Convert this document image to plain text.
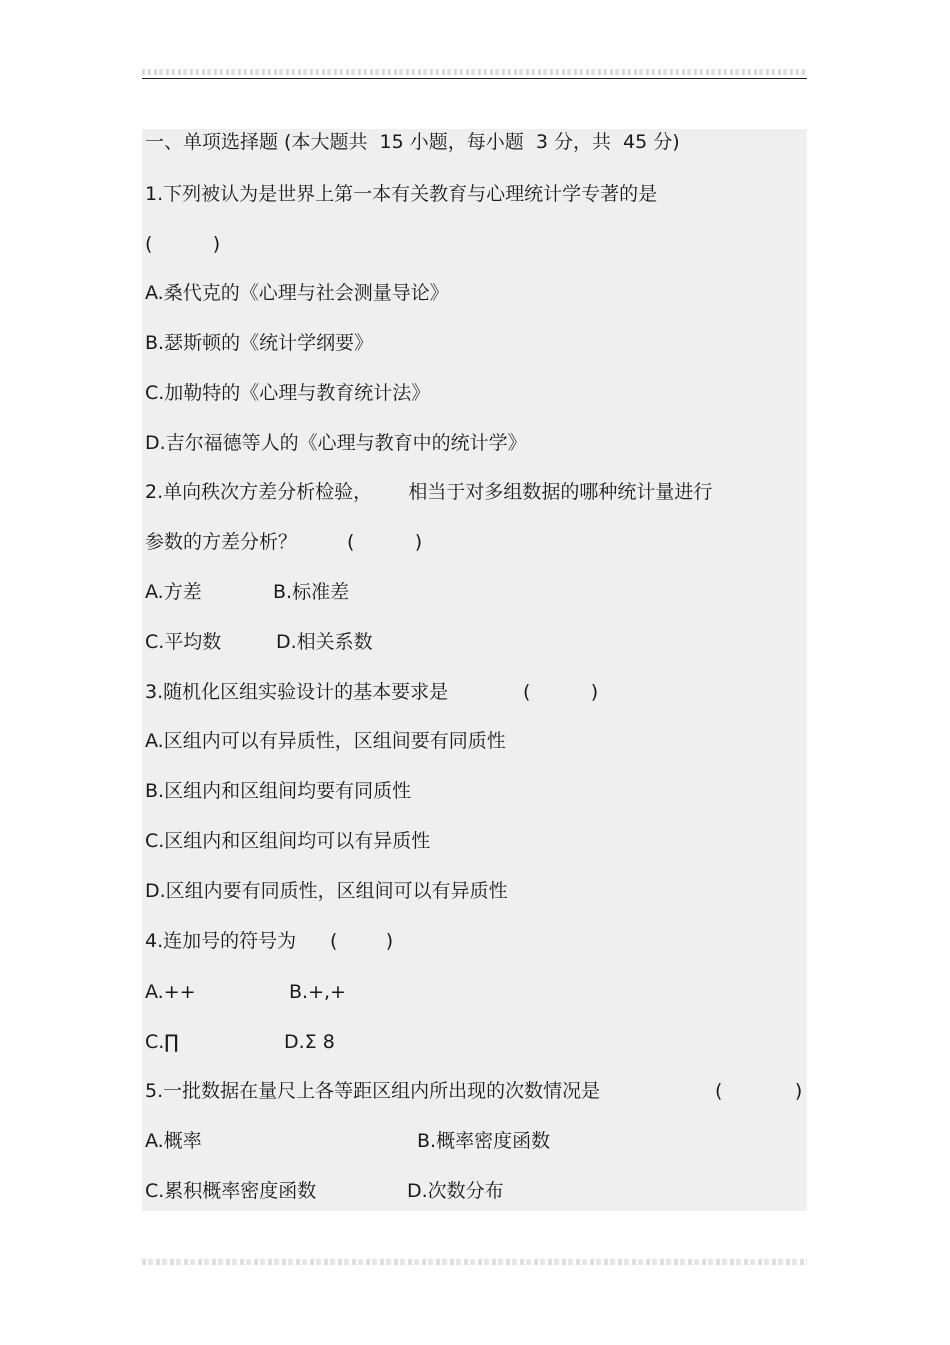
一、单项选择题 (本大题共  15 小题，每小题  3 分，共  45 分)
1.下列被认为是世界上第一本有关教育与心理统计学专著的是
(          )
A.桑代克的《心理与社会测量导论》
B.瑟斯顿的《统计学纲要》
C.加勒特的《心理与教育统计法》
D.吉尔福德等人的《心理与教育中的统计学》
2.单向秩次方差分析检验，      相当于对多组数据的哪种统计量进行
参数的方差分析？	(          )
A.方差	B.标准差
C.平均数	D.相关系数
3.随机化区组实验设计的基本要求是	(          )
A.区组内可以有异质性，区组间要有同质性
B.区组内和区组间均要有同质性
C.区组内和区组间均可以有异质性
D.区组内要有同质性，区组间可以有异质性
4.连加号的符号为 (        )
A.++	B.+,+
C.∏	D.Σ 8
5.一批数据在量尺上各等距区组内所出现的次数情况是	(            )
A.概率	B.概率密度函数
C.累积概率密度函数	D.次数分布
